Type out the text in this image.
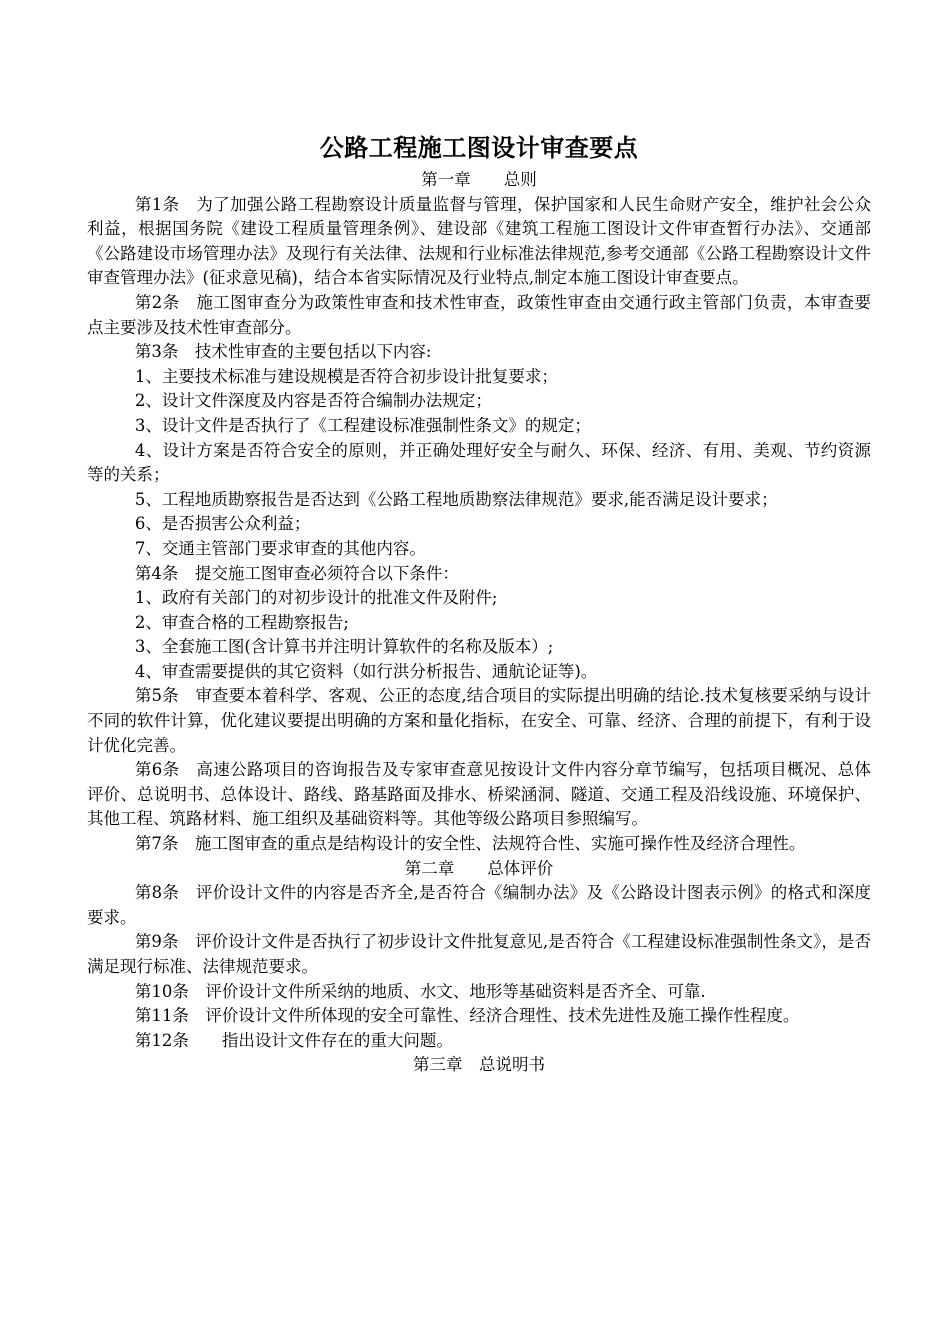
公路工程施工图设计审查要点
第一章　　总则

第1条　为了加强公路工程勘察设计质量监督与管理，保护国家和人民生命财产安全，维护社会公众利益，根据国务院《建设工程质量管理条例》、建设部《建筑工程施工图设计文件审查暂行办法》、交通部《公路建设市场管理办法》及现行有关法律、法规和行业标准法律规范,参考交通部《公路工程勘察设计文件审查管理办法》(征求意见稿)，结合本省实际情况及行业特点,制定本施工图设计审查要点。

第2条　施工图审查分为政策性审查和技术性审查，政策性审查由交通行政主管部门负责，本审查要点主要涉及技术性审查部分。

第3条　技术性审查的主要包括以下内容:

1、主要技术标准与建设规模是否符合初步设计批复要求；

2、设计文件深度及内容是否符合编制办法规定；

3、设计文件是否执行了《工程建设标准强制性条文》的规定；

4、设计方案是否符合安全的原则，并正确处理好安全与耐久、环保、经济、有用、美观、节约资源等的关系；

5、工程地质勘察报告是否达到《公路工程地质勘察法律规范》要求,能否满足设计要求；

6、是否损害公众利益；

7、交通主管部门要求审查的其他内容。

第4条　提交施工图审查必须符合以下条件：

1、政府有关部门的对初步设计的批准文件及附件;

2、审查合格的工程勘察报告;

3、全套施工图(含计算书并注明计算软件的名称及版本）;

4、审查需要提供的其它资料（如行洪分析报告、通航论证等)。

第5条　审查要本着科学、客观、公正的态度,结合项目的实际提出明确的结论.技术复核要采纳与设计不同的软件计算，优化建议要提出明确的方案和量化指标，在安全、可靠、经济、合理的前提下，有利于设计优化完善。

第6条　高速公路项目的咨询报告及专家审查意见按设计文件内容分章节编写，包括项目概况、总体评价、总说明书、总体设计、路线、路基路面及排水、桥梁涵洞、隧道、交通工程及沿线设施、环境保护、其他工程、筑路材料、施工组织及基础资料等。其他等级公路项目参照编写。

第7条　施工图审查的重点是结构设计的安全性、法规符合性、实施可操作性及经济合理性。

第二章　　总体评价

第8条　评价设计文件的内容是否齐全,是否符合《编制办法》及《公路设计图表示例》的格式和深度要求。

第9条　评价设计文件是否执行了初步设计文件批复意见,是否符合《工程建设标准强制性条文》，是否满足现行标准、法律规范要求。

第10条　评价设计文件所采纳的地质、水文、地形等基础资料是否齐全、可靠.

第11条　评价设计文件所体现的安全可靠性、经济合理性、技术先进性及施工操作性程度。

第12条　　指出设计文件存在的重大问题。

第三章　总说明书
